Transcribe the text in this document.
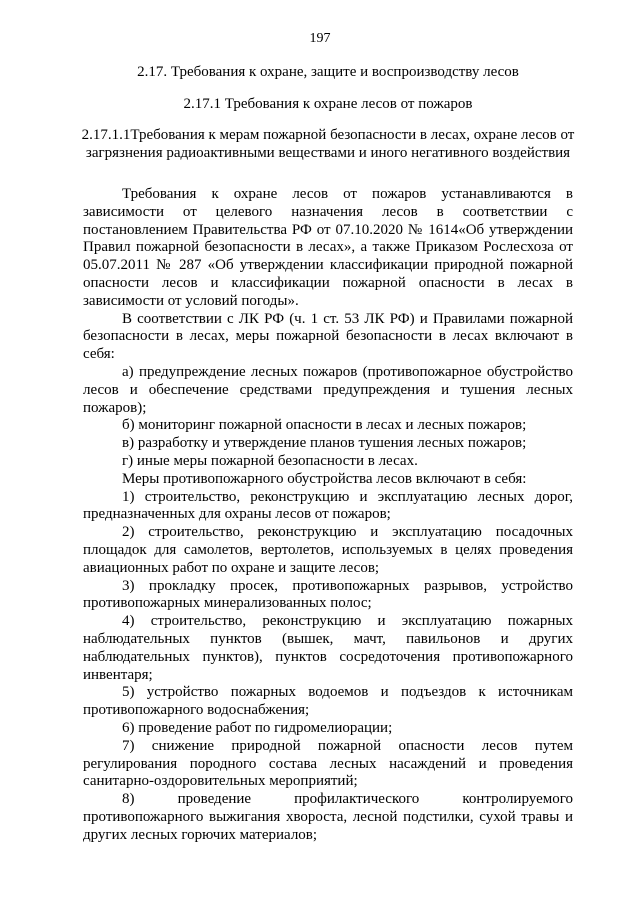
197
2.17. Требования к охране, защите и воспроизводству лесов
2.17.1 Требования к охране лесов от пожаров
2.17.1.1Требования к мерам пожарной безопасности в лесах, охране лесов от загрязнения радиоактивными веществами и иного негативного воздействия

Требования к охране лесов от пожаров устанавливаются в зависимости от целевого назначения лесов в соответствии с постановлением Правительства РФ от 07.10.2020 № 1614«Об утверждении Правил пожарной безопасности в лесах», а также Приказом Рослесхоза от 05.07.2011 № 287 «Об утверждении классификации природной пожарной опасности лесов и классификации пожарной опасности в лесах в зависимости от условий погоды».

В соответствии с ЛК РФ (ч. 1 ст. 53 ЛК РФ) и Правилами пожарной безопасности в лесах, меры пожарной безопасности в лесах включают в себя:

а) предупреждение лесных пожаров (противопожарное обустройство лесов и обеспечение средствами предупреждения и тушения лесных пожаров);

б) мониторинг пожарной опасности в лесах и лесных пожаров;

в) разработку и утверждение планов тушения лесных пожаров;

г) иные меры пожарной безопасности в лесах.

Меры противопожарного обустройства лесов включают в себя:

1) строительство, реконструкцию и эксплуатацию лесных дорог, предназначенных для охраны лесов от пожаров;

2) строительство, реконструкцию и эксплуатацию посадочных площадок для самолетов, вертолетов, используемых в целях проведения авиационных работ по охране и защите лесов;

3) прокладку просек, противопожарных разрывов, устройство противопожарных минерализованных полос;

4) строительство, реконструкцию и эксплуатацию пожарных наблюдательных пунктов (вышек, мачт, павильонов и других наблюдательных пунктов), пунктов сосредоточения противопожарного инвентаря;

5) устройство пожарных водоемов и подъездов к источникам противопожарного водоснабжения;

6) проведение работ по гидромелиорации;

7) снижение природной пожарной опасности лесов путем регулирования породного состава лесных насаждений и проведения санитарно-оздоровительных мероприятий;

8) проведение профилактического контролируемого противопожарного выжигания хвороста, лесной подстилки, сухой травы и других лесных горючих материалов;
